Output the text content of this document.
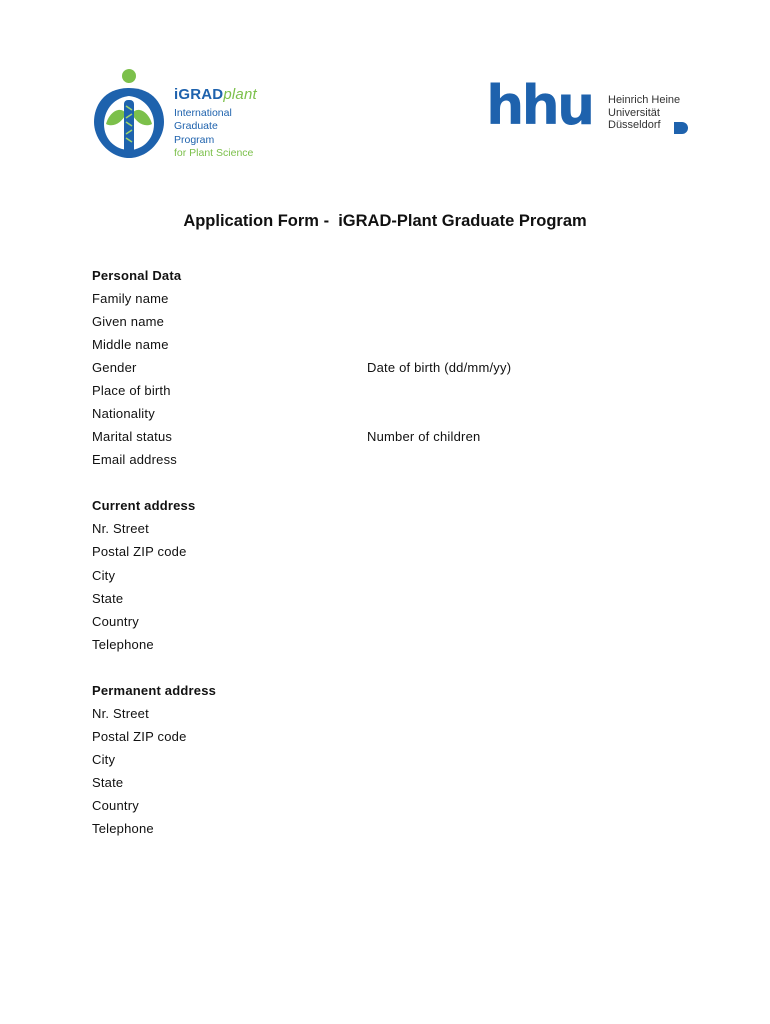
iGRADplant
International
Graduate
Program
for Plant Science
hhu Heinrich Heine
Universität
Düsseldorf
Application Form -  iGRAD-Plant Graduate Program
Personal Data
Family name
Given name
Middle name
Gender	Date of birth (dd/mm/yy)
Place of birth
Nationality
Marital status	Number of children
Email address
Current address
Nr. Street
Postal ZIP code
City
State
Country
Telephone
Permanent address
Nr. Street
Postal ZIP code
City
State
Country
Telephone
